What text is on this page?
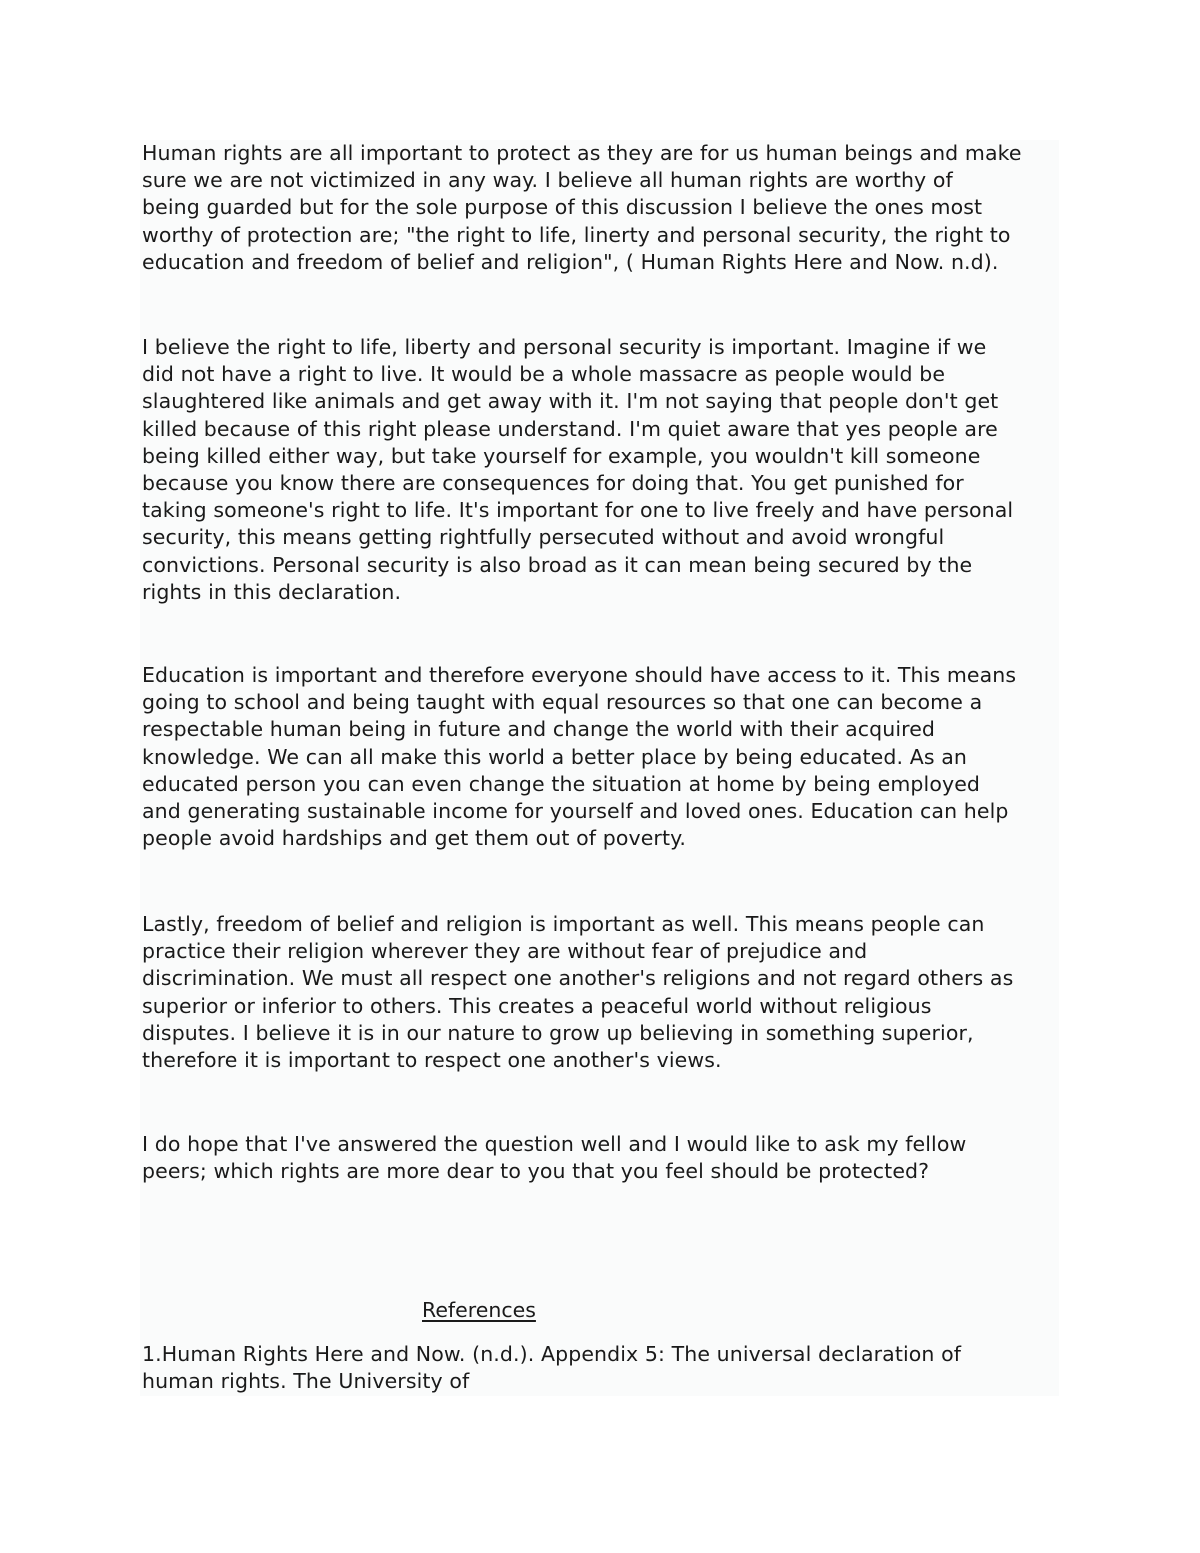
Human rights are all important to protect as they are for us human beings and make
sure we are not victimized in any way. I believe all human rights are worthy of
being guarded but for the sole purpose of this discussion I believe the ones most
worthy of protection are; "the right to life, linerty and personal security, the right to
education and freedom of belief and religion", ( Human Rights Here and Now. n.d).

I believe the right to life, liberty and personal security is important. Imagine if we
did not have a right to live. It would be a whole massacre as people would be
slaughtered like animals and get away with it. I'm not saying that people don't get
killed because of this right please understand. I'm quiet aware that yes people are
being killed either way, but take yourself for example, you wouldn't kill someone
because you know there are consequences for doing that. You get punished for
taking someone's right to life. It's important for one to live freely and have personal
security, this means getting rightfully persecuted without and avoid wrongful
convictions. Personal security is also broad as it can mean being secured by the
rights in this declaration.

Education is important and therefore everyone should have access to it. This means
going to school and being taught with equal resources so that one can become a
respectable human being in future and change the world with their acquired
knowledge. We can all make this world a better place by being educated. As an
educated person you can even change the situation at home by being employed
and generating sustainable income for yourself and loved ones. Education can help
people avoid hardships and get them out of poverty.

Lastly, freedom of belief and religion is important as well. This means people can
practice their religion wherever they are without fear of prejudice and
discrimination. We must all respect one another's religions and not regard others as
superior or inferior to others. This creates a peaceful world without religious
disputes. I believe it is in our nature to grow up believing in something superior,
therefore it is important to respect one another's views.

I do hope that I've answered the question well and I would like to ask my fellow
peers; which rights are more dear to you that you feel should be protected?

References

1.Human Rights Here and Now. (n.d.). Appendix 5: The universal declaration of
human rights. The University of
